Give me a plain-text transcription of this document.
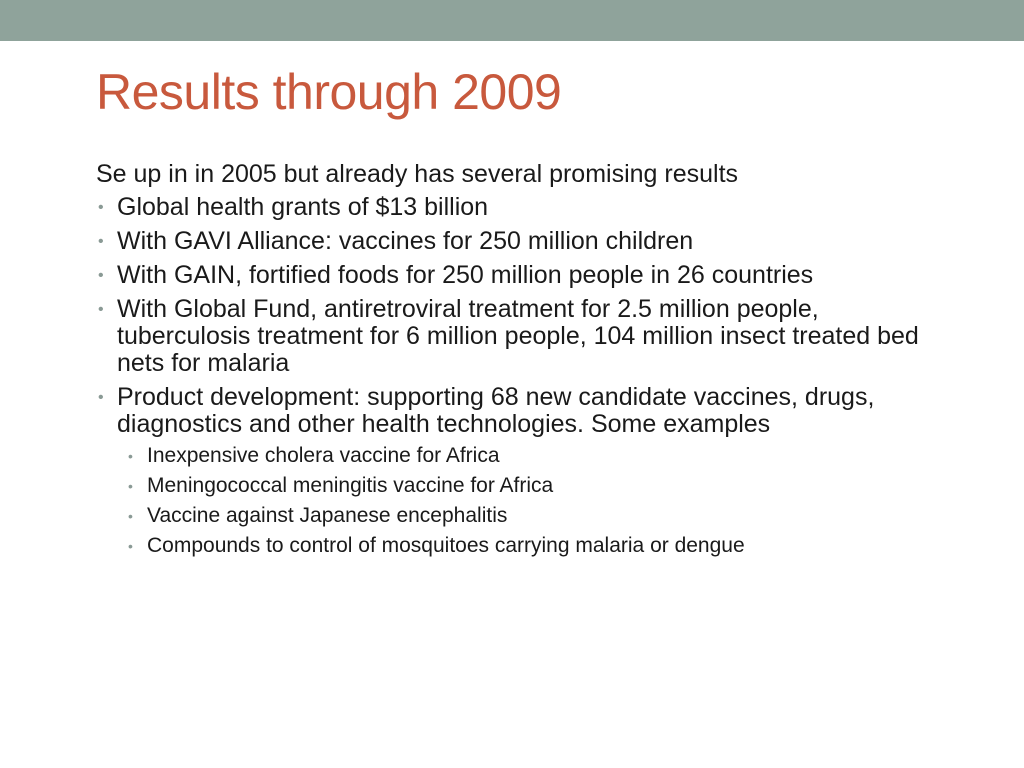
Results through 2009

Se up in in 2005 but already has several promising results

• Global health grants of $13 billion
• With GAVI Alliance: vaccines for 250 million children
• With GAIN, fortified foods for 250 million people in 26 countries
• With Global Fund, antiretroviral treatment for 2.5 million people, tuberculosis treatment for 6 million people, 104 million insect treated bed nets for malaria
• Product development: supporting 68 new candidate vaccines, drugs, diagnostics and other health technologies. Some examples
• Inexpensive cholera vaccine for Africa
• Meningococcal meningitis vaccine for Africa
• Vaccine against Japanese encephalitis
• Compounds to control of mosquitoes carrying malaria or dengue
